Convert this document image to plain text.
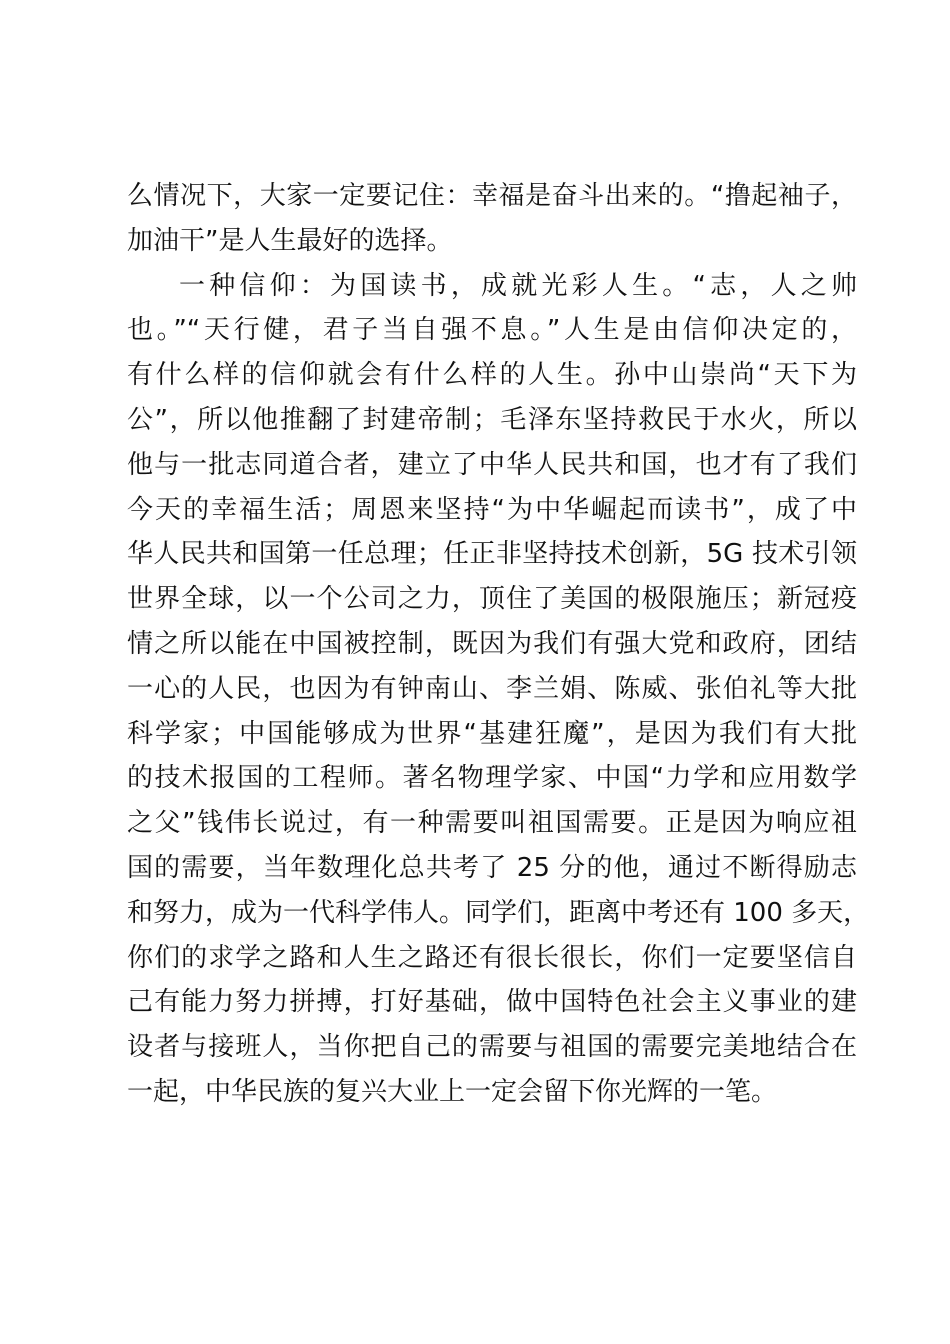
么情况下，大家一定要记住：幸福是奋斗出来的。“撸起袖子，
加油干”是人生最好的选择。
一种信仰：为国读书，成就光彩人生。“志，人之帅
也。”“天行健，君子当自强不息。”人生是由信仰决定的，
有什么样的信仰就会有什么样的人生。孙中山崇尚“天下为
公”，所以他推翻了封建帝制；毛泽东坚持救民于水火，所以
他与一批志同道合者，建立了中华人民共和国，也才有了我们
今天的幸福生活；周恩来坚持“为中华崛起而读书”，成了中
华人民共和国第一任总理；任正非坚持技术创新，5G 技术引领
世界全球，以一个公司之力，顶住了美国的极限施压；新冠疫
情之所以能在中国被控制，既因为我们有强大党和政府，团结
一心的人民，也因为有钟南山、李兰娟、陈威、张伯礼等大批
科学家；中国能够成为世界“基建狂魔”，是因为我们有大批
的技术报国的工程师。著名物理学家、中国“力学和应用数学
之父”钱伟长说过，有一种需要叫祖国需要。正是因为响应祖
国的需要，当年数理化总共考了 25 分的他，通过不断得励志
和努力，成为一代科学伟人。同学们，距离中考还有 100 多天，
你们的求学之路和人生之路还有很长很长，你们一定要坚信自
己有能力努力拼搏，打好基础，做中国特色社会主义事业的建
设者与接班人，当你把自己的需要与祖国的需要完美地结合在
一起，中华民族的复兴大业上一定会留下你光辉的一笔。
